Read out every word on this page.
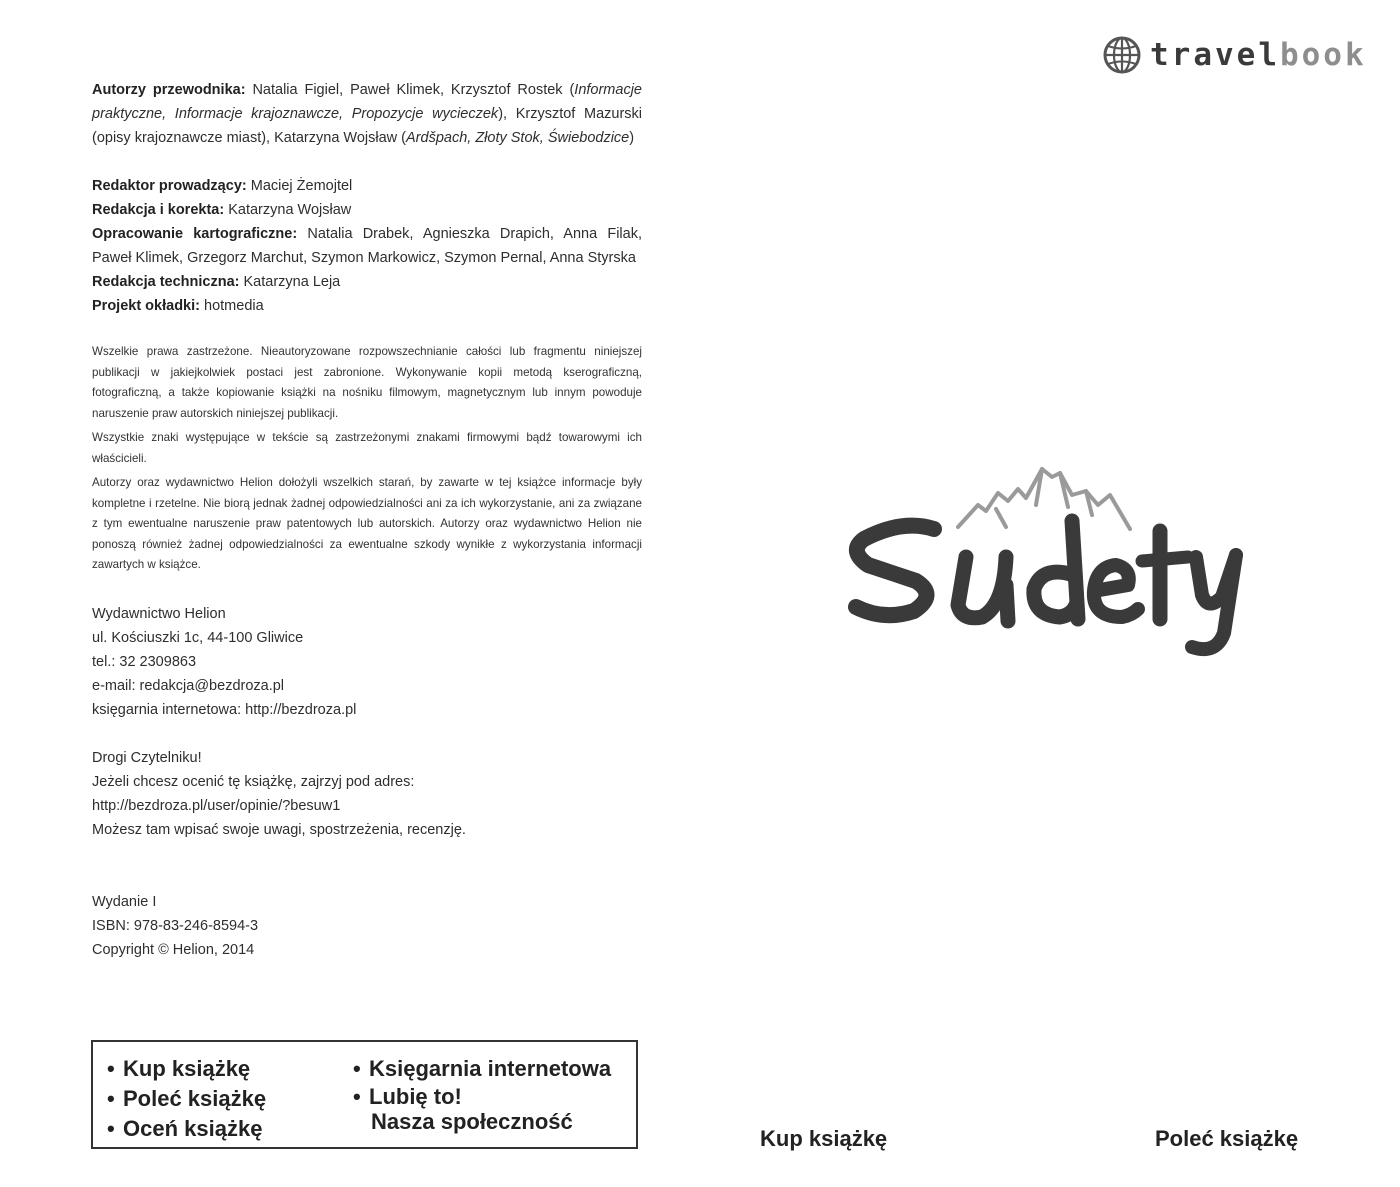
Autorzy przewodnika: Natalia Figiel, Paweł Klimek, Krzysztof Rostek (Informacje praktyczne, Informacje krajoznawcze, Propozycje wycieczek), Krzysztof Mazurski (opisy krajoznawcze miast), Katarzyna Wojsław (Ardšpach, Złoty Stok, Świebodzice)

Redaktor prowadzący: Maciej Żemojtel

Redakcja i korekta: Katarzyna Wojsław

Opracowanie kartograficzne: Natalia Drabek, Agnieszka Drapich, Anna Filak, Paweł Klimek, Grzegorz Marchut, Szymon Markowicz, Szymon Pernal, Anna Styrska

Redakcja techniczna: Katarzyna Leja

Projekt okładki: hotmedia

Wszelkie prawa zastrzeżone. Nieautoryzowane rozpowszechnianie całości lub fragmentu niniejszej publikacji w jakiejkolwiek postaci jest zabronione. Wykonywanie kopii metodą kserograficzną, fotograficzną, a także kopiowanie książki na nośniku filmowym, magnetycznym lub innym powoduje naruszenie praw autorskich niniejszej publikacji.

Wszystkie znaki występujące w tekście są zastrzeżonymi znakami firmowymi bądź towarowymi ich właścicieli.

Autorzy oraz wydawnictwo Helion dołożyli wszelkich starań, by zawarte w tej książce informacje były kompletne i rzetelne. Nie biorą jednak żadnej odpowiedzialności ani za ich wykorzystanie, ani za związane z tym ewentualne naruszenie praw patentowych lub autorskich. Autorzy oraz wydawnictwo Helion nie ponoszą również żadnej odpowiedzialności za ewentualne szkody wynikłe z wykorzystania informacji zawartych w książce.

Wydawnictwo Helion
ul. Kościuszki 1c, 44-100 Gliwice
tel.: 32 2309863
e-mail: redakcja@bezdroza.pl
księgarnia internetowa: http://bezdroza.pl
Drogi Czytelniku!
Jeżeli chcesz ocenić tę książkę, zajrzyj pod adres:
http://bezdroza.pl/user/opinie/?besuw1
Możesz tam wpisać swoje uwagi, spostrzeżenia, recenzję.
Wydanie I
ISBN: 978-83-246-8594-3
Copyright © Helion, 2014
• Kup książkę
• Poleć książkę
• Oceń książkę
• Księgarnia internetowa
• Lubię to!
Nasza społeczność
travelbook
Kup książkę	Poleć książkę
